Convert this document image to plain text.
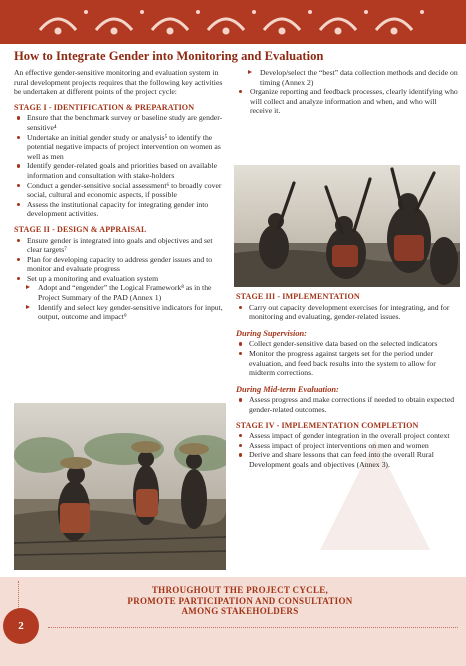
How to Integrate Gender into Monitoring and Evaluation

An effective gender-sensitive monitoring and evaluation system in rural development projects requires that the following key activities be undertaken at different points of the project cycle:

STAGE I - IDENTIFICATION & PREPARATION
Ensure that the benchmark survey or baseline study are gender-sensitive⁴
Undertake an initial gender study or analysis⁵ to identify the potential negative impacts of project intervention on women as well as men
Identify gender-related goals and priorities based on available information and consultation with stake-holders
Conduct a gender-sensitive social assessment⁶ to broadly cover social, cultural and economic aspects, if possible
Assess the institutional capacity for integrating gender into development activities.
STAGE II - DESIGN & APPRAISAL
Ensure gender is integrated into goals and objectives and set clear targets⁷
Plan for developing capacity to address gender issues and to monitor and evaluate progress
Set up a monitoring and evaluation system
Adopt and “engender” the Logical Framework⁸ as in the Project Summary of the PAD (Annex 1)
Identify and select key gender-sensitive indicators for input, output, outcome and impact⁹
Develop/select the “best” data collection methods and decide on timing (Annex 2)
Organize reporting and feedback processes, clearly identifying who will collect and analyze information and when, and who will receive it.
STAGE III - IMPLEMENTATION
Carry out capacity development exercises for integrating, and for monitoring and evaluating, gender-related issues.
During Supervision:
Collect gender-sensitive data based on the selected indicators
Monitor the progress against targets set for the period under evaluation, and feed back results into the system to allow for midterm corrections.
During Mid-term Evaluation:
Assess progress and make corrections if needed to obtain expected gender-related outcomes.
STAGE IV - IMPLEMENTATION COMPLETION
Assess impact of gender integration in the overall project context
Assess impact of project interventions on men and women
Derive and share lessons that can feed into the overall Rural Development goals and objectives (Annex 3).
THROUGHOUT THE PROJECT CYCLE,
PROMOTE PARTICIPATION AND CONSULTATION
AMONG STAKEHOLDERS
2
